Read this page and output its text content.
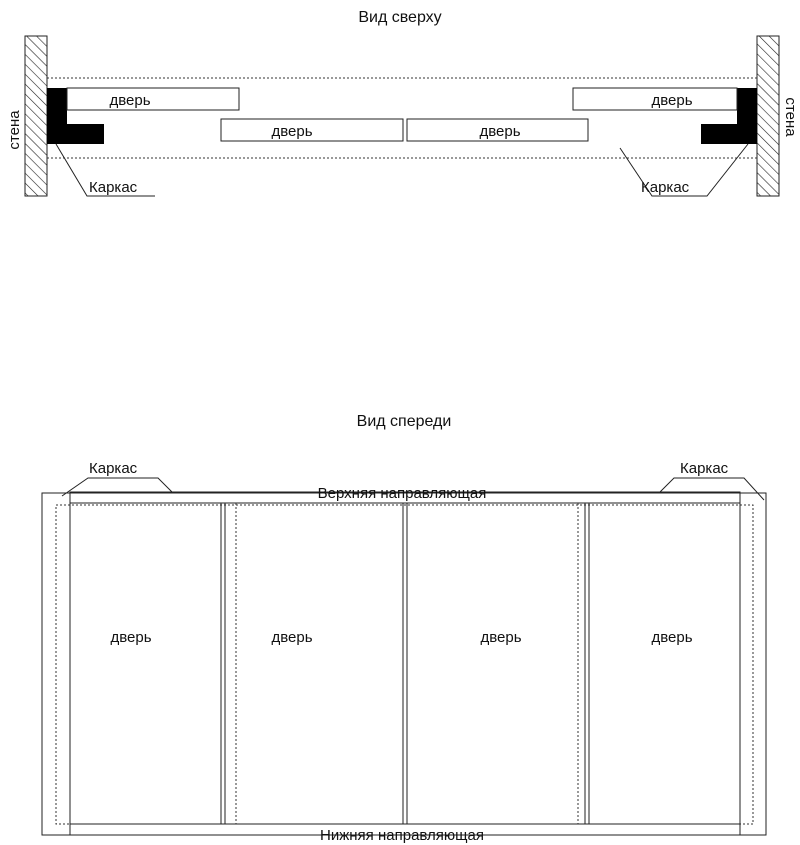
Вид сверху
стена	стена
дверь
дверь	дверь
дверь
Каркас	Каркас
Вид спереди
дверь	дверь	дверь	дверь
Верхняя направляющая
Нижняя направляющая
Каркас	Каркас
